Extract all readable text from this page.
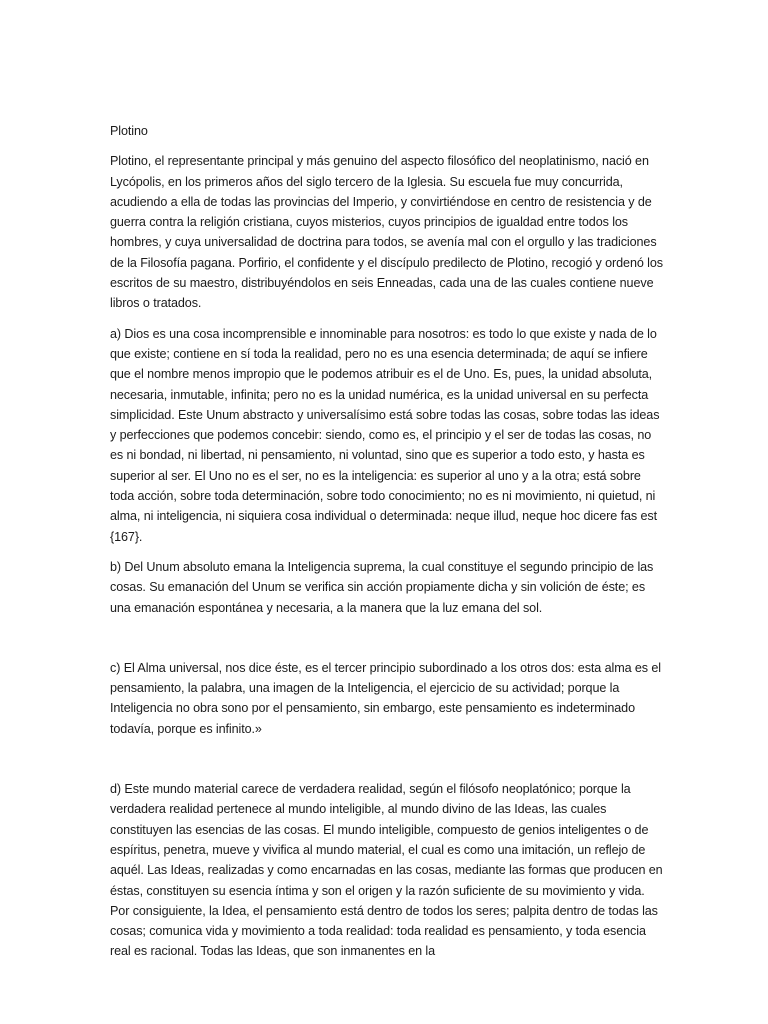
Plotino

Plotino, el representante principal y más genuino del aspecto filosófico del neoplatinismo, nació en Lycópolis, en los primeros años del siglo tercero de la Iglesia. Su escuela fue muy concurrida, acudiendo a ella de todas las provincias del Imperio, y convirtiéndose en centro de resistencia y de guerra contra la religión cristiana, cuyos misterios, cuyos principios de igualdad entre todos los hombres, y cuya universalidad de doctrina para todos, se avenía mal con el orgullo y las tradiciones de la Filosofía pagana. Porfirio, el confidente y el discípulo predilecto de Plotino, recogió y ordenó los escritos de su maestro, distribuyéndolos en seis Enneadas, cada una de las cuales contiene nueve libros o tratados.

a) Dios es una cosa incomprensible e innominable para nosotros: es todo lo que existe y nada de lo que existe; contiene en sí toda la realidad, pero no es una esencia determinada; de aquí se infiere que el nombre menos impropio que le podemos atribuir es el de Uno. Es, pues, la unidad absoluta, necesaria, inmutable, infinita; pero no es la unidad numérica, es la unidad universal en su perfecta simplicidad. Este Unum abstracto y universalísimo está sobre todas las cosas, sobre todas las ideas y perfecciones que podemos concebir: siendo, como es, el principio y el ser de todas las cosas, no es ni bondad, ni libertad, ni pensamiento, ni voluntad, sino que es superior a todo esto, y hasta es superior al ser. El Uno no es el ser, no es la inteligencia: es superior al uno y a la otra; está sobre toda acción, sobre toda determinación, sobre todo conocimiento; no es ni movimiento, ni quietud, ni alma, ni inteligencia, ni siquiera cosa individual o determinada: neque illud, neque hoc dicere fas est {167}.

b) Del Unum absoluto emana la Inteligencia suprema, la cual constituye el segundo principio de las cosas. Su emanación del Unum se verifica sin acción propiamente dicha y sin volición de éste; es una emanación espontánea y necesaria, a la manera que la luz emana del sol.

c) El Alma universal, nos dice éste, es el tercer principio subordinado a los otros dos: esta alma es el pensamiento, la palabra, una imagen de la Inteligencia, el ejercicio de su actividad; porque la Inteligencia no obra sono por el pensamiento, sin embargo, este pensamiento es indeterminado todavía, porque es infinito.»

d) Este mundo material carece de verdadera realidad, según el filósofo neoplatónico; porque la verdadera realidad pertenece al mundo inteligible, al mundo divino de las Ideas, las cuales constituyen las esencias de las cosas. El mundo inteligible, compuesto de genios inteligentes o de espíritus, penetra, mueve y vivifica al mundo material, el cual es como una imitación, un reflejo de aquél. Las Ideas, realizadas y como encarnadas en las cosas, mediante las formas que producen en éstas, constituyen su esencia íntima y son el origen y la razón suficiente de su movimiento y vida. Por consiguiente, la Idea, el pensamiento está dentro de todos los seres; palpita dentro de todas las cosas; comunica vida y movimiento a toda realidad: toda realidad es pensamiento, y toda esencia real es racional. Todas las Ideas, que son inmanentes en la
